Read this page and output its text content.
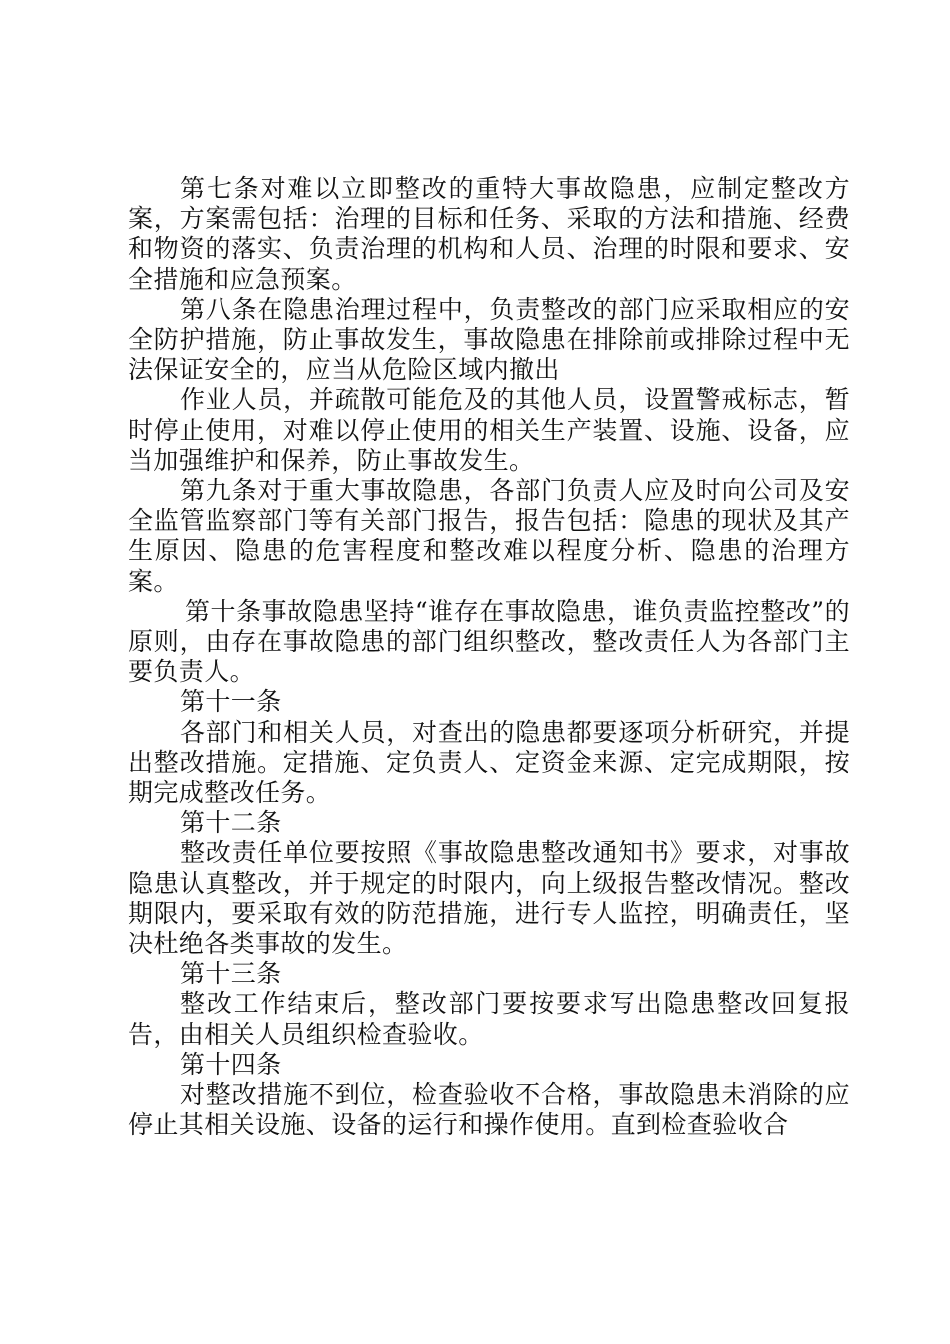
第七条对难以立即整改的重特大事故隐患，应制定整改方案，方案需包括：治理的目标和任务、采取的方法和措施、经费和物资的落实、负责治理的机构和人员、治理的时限和要求、安全措施和应急预案。

第八条在隐患治理过程中，负责整改的部门应采取相应的安全防护措施，防止事故发生，事故隐患在排除前或排除过程中无法保证安全的，应当从危险区域内撤出

作业人员，并疏散可能危及的其他人员，设置警戒标志，暂时停止使用，对难以停止使用的相关生产装置、设施、设备，应当加强维护和保养，防止事故发生。

第九条对于重大事故隐患，各部门负责人应及时向公司及安全监管监察部门等有关部门报告，报告包括：隐患的现状及其产生原因、隐患的危害程度和整改难以程度分析、隐患的治理方案。

第十条事故隐患坚持“谁存在事故隐患，谁负责监控整改”的原则，由存在事故隐患的部门组织整改，整改责任人为各部门主要负责人。

第十一条

各部门和相关人员，对查出的隐患都要逐项分析研究，并提出整改措施。定措施、定负责人、定资金来源、定完成期限，按期完成整改任务。

第十二条

整改责任单位要按照《事故隐患整改通知书》要求，对事故隐患认真整改，并于规定的时限内，向上级报告整改情况。整改期限内，要采取有效的防范措施，进行专人监控，明确责任，坚决杜绝各类事故的发生。

第十三条

整改工作结束后，整改部门要按要求写出隐患整改回复报告，由相关人员组织检查验收。

第十四条

对整改措施不到位，检查验收不合格，事故隐患未消除的应停止其相关设施、设备的运行和操作使用。直到检查验收合
